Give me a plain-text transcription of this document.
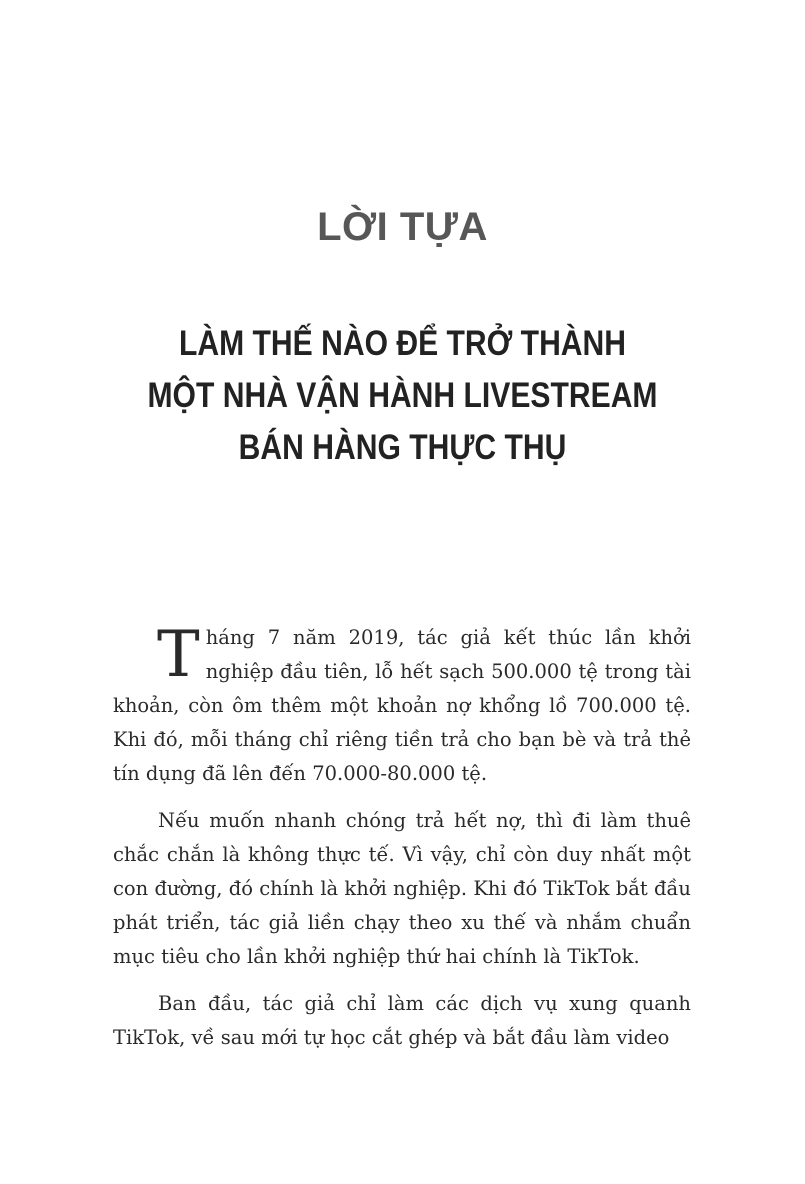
LỜI TỰA
LÀM THẾ NÀO ĐỂ TRỞ THÀNH
MỘT NHÀ VẬN HÀNH LIVESTREAM
BÁN HÀNG THỰC THỤ

Tháng 7 năm 2019, tác giả kết thúc lần khởi nghiệp đầu tiên, lỗ hết sạch 500.000 tệ trong tài khoản, còn ôm thêm một khoản nợ khổng lồ 700.000 tệ. Khi đó, mỗi tháng chỉ riêng tiền trả cho bạn bè và trả thẻ tín dụng đã lên đến 70.000-80.000 tệ.

Nếu muốn nhanh chóng trả hết nợ, thì đi làm thuê chắc chắn là không thực tế. Vì vậy, chỉ còn duy nhất một con đường, đó chính là khởi nghiệp. Khi đó TikTok bắt đầu phát triển, tác giả liền chạy theo xu thế và nhắm chuẩn mục tiêu cho lần khởi nghiệp thứ hai chính là TikTok.

Ban đầu, tác giả chỉ làm các dịch vụ xung quanh TikTok, về sau mới tự học cắt ghép và bắt đầu làm video
